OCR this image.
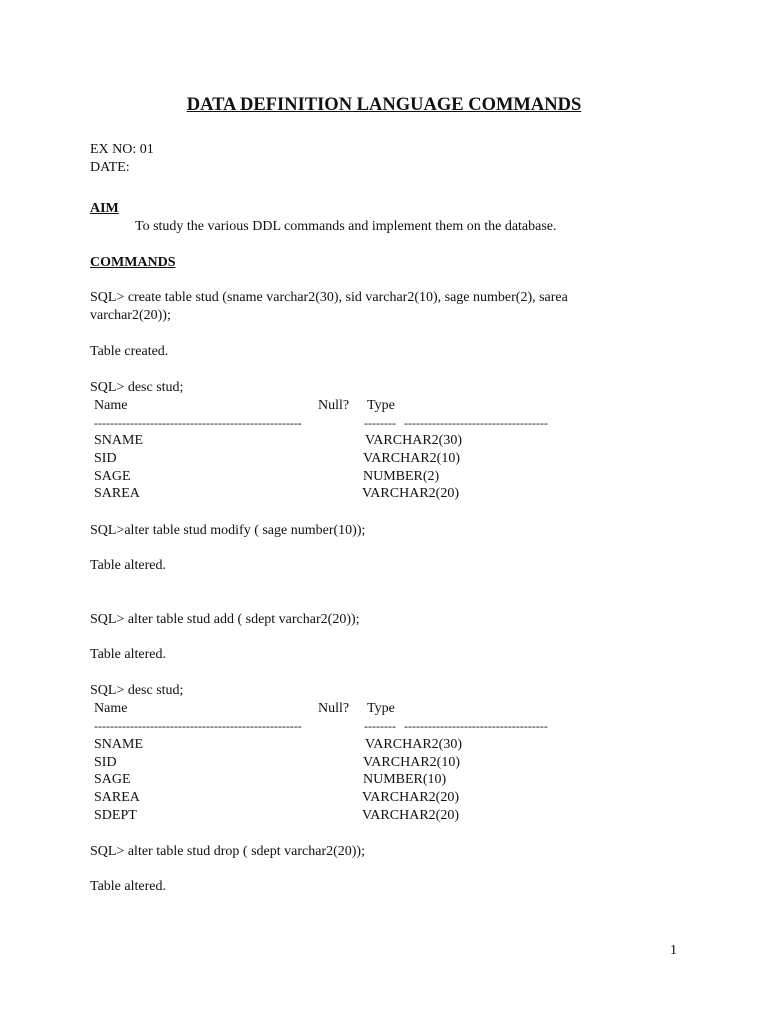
DATA DEFINITION LANGUAGE COMMANDS
EX NO: 01
DATE:
AIM
To study the various DDL commands and implement them on the database.
COMMANDS
SQL> create table stud (sname varchar2(30), sid varchar2(10), sage number(2), sarea
varchar2(20));
Table created.
SQL> desc stud;
Name	Null? Type
----------------------------------------------------	-------- ------------------------------------
SNAME	VARCHAR2(30)
SID	VARCHAR2(10)
SAGE	NUMBER(2)
SAREA	VARCHAR2(20)
SQL>alter table stud modify ( sage number(10));
Table altered.
SQL> alter table stud add ( sdept varchar2(20));
Table altered.
SQL> desc stud;
Name	Null? Type
----------------------------------------------------	-------- ------------------------------------
SNAME	VARCHAR2(30)
SID	VARCHAR2(10)
SAGE	NUMBER(10)
SAREA	VARCHAR2(20)
SDEPT	VARCHAR2(20)
SQL> alter table stud drop ( sdept varchar2(20));
Table altered.
1
